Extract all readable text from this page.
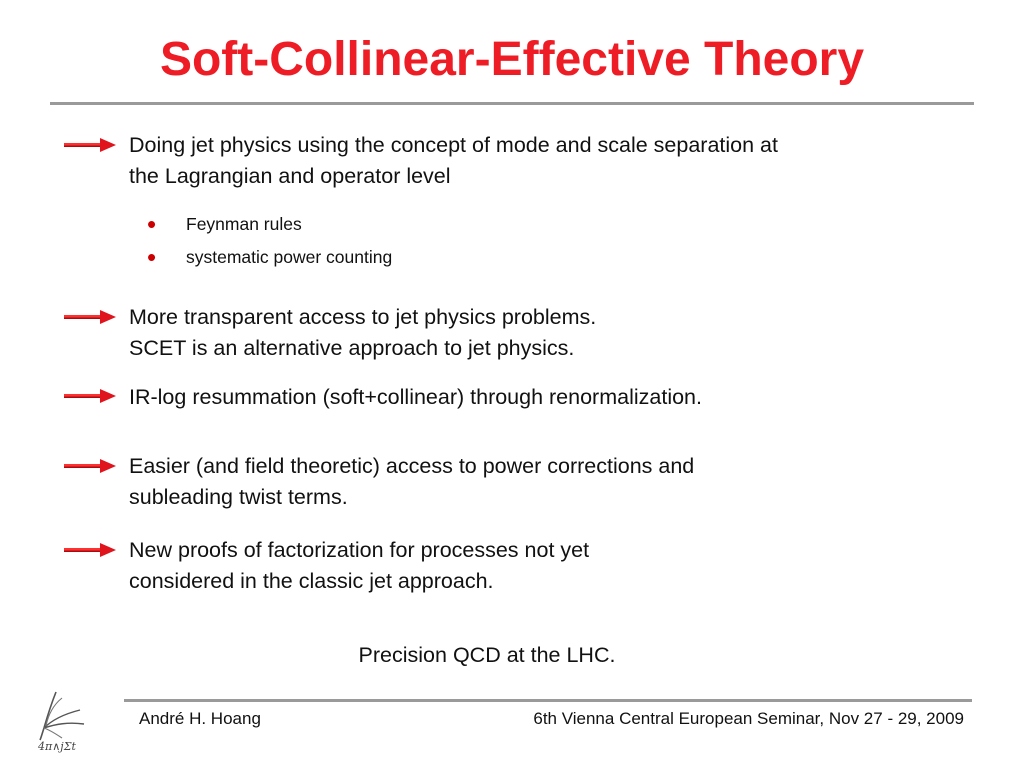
Soft-Collinear-Effective Theory
Doing jet physics using the concept of mode and scale separation at
the Lagrangian and operator level
• Feynman rules
• systematic power counting
More transparent access to jet physics problems.
SCET is an alternative approach to jet physics.
IR-log resummation (soft+collinear) through renormalization.
Easier (and field theoretic) access to power corrections and
subleading twist terms.
New proofs of factorization for processes not yet
considered in the classic jet approach.
Precision QCD at the LHC.
4π∧jΣt
André H. Hoang	6th Vienna Central European Seminar, Nov 27 - 29, 2009
